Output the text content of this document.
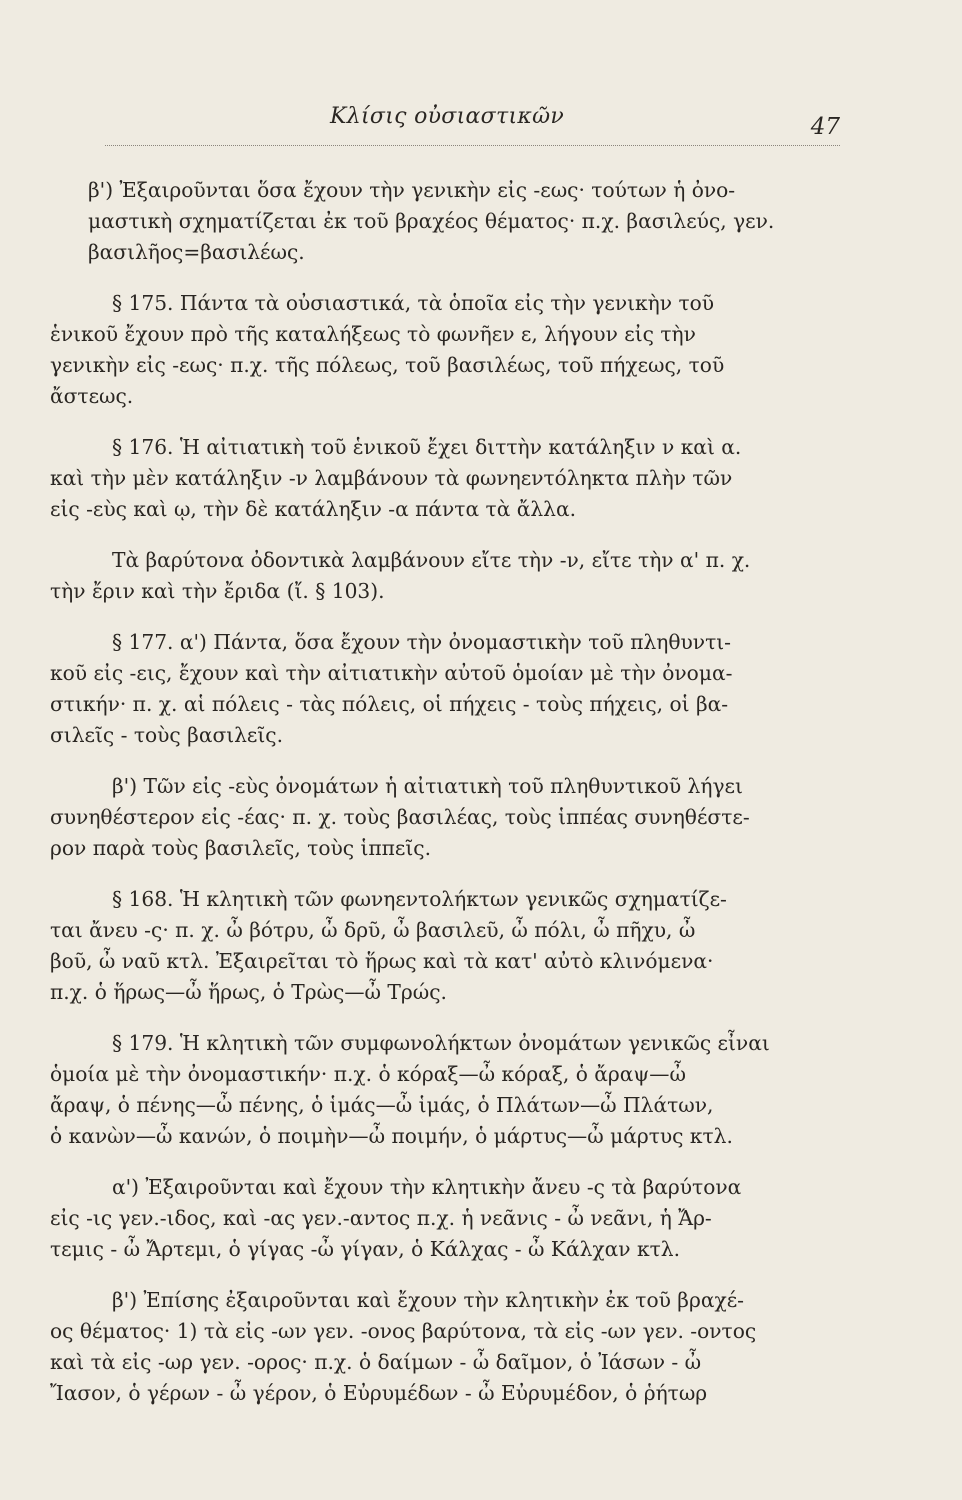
Κλίσις οὐσιαστικῶν	47
β') Ἐξαιροῦνται ὅσα ἔχουν τὴν γενικὴν εἰς -εως· τούτων ἡ ὀνο-
μαστικὴ σχηματίζεται ἐκ τοῦ βραχέος θέματος· π.χ. βασιλεύς, γεν.
βασιλῆος=βασιλέως.
§ 175. Πάντα τὰ οὐσιαστικά, τὰ ὁποῖα εἰς τὴν γενικὴν τοῦ
ἑνικοῦ ἔχουν πρὸ τῆς καταλήξεως τὸ φωνῆεν ε, λήγουν εἰς τὴν
γενικὴν εἰς -εως· π.χ. τῆς πόλεως, τοῦ βασιλέως, τοῦ πήχεως, τοῦ
ἄστεως.
§ 176. Ἡ αἰτιατικὴ τοῦ ἑνικοῦ ἔχει διττὴν κατάληξιν ν καὶ α.
καὶ τὴν μὲν κατάληξιν -ν λαμβάνουν τὰ φωνηεντόληκτα πλὴν τῶν
εἰς -εὺς καὶ ῳ, τὴν δὲ κατάληξιν -α πάντα τὰ ἄλλα.
Τὰ βαρύτονα ὀδοντικὰ λαμβάνουν εἴτε τὴν -ν, εἴτε τὴν α' π. χ.
τὴν ἔριν καὶ τὴν ἔριδα (ἴ. § 103).
§ 177. α') Πάντα, ὅσα ἔχουν τὴν ὀνομαστικὴν τοῦ πληθυντι-
κοῦ εἰς -εις, ἔχουν καὶ τὴν αἰτιατικὴν αὐτοῦ ὁμοίαν μὲ τὴν ὀνομα-
στικήν· π. χ. αἱ πόλεις - τὰς πόλεις, οἱ πήχεις - τοὺς πήχεις, οἱ βα-
σιλεῖς - τοὺς βασιλεῖς.
β') Τῶν εἰς -εὺς ὀνομάτων ἡ αἰτιατικὴ τοῦ πληθυντικοῦ λήγει
συνηθέστερον εἰς -έας· π. χ. τοὺς βασιλέας, τοὺς ἱππέας συνηθέστε-
ρον παρὰ τοὺς βασιλεῖς, τοὺς ἱππεῖς.
§ 168. Ἡ κλητικὴ τῶν φωνηεντολήκτων γενικῶς σχηματίζε-
ται ἄνευ -ς· π. χ. ὦ βότρυ, ὦ δρῦ, ὦ βασιλεῦ, ὦ πόλι, ὦ πῆχυ, ὦ
βοῦ, ὦ ναῦ κτλ. Ἐξαιρεῖται τὸ ἥρως καὶ τὰ κατ' αὐτὸ κλινόμενα·
π.χ. ὁ ἥρως—ὦ ἥρως, ὁ Τρὼς—ὦ Τρώς.
§ 179. Ἡ κλητικὴ τῶν συμφωνολήκτων ὀνομάτων γενικῶς εἶναι
ὁμοία μὲ τὴν ὀνομαστικήν· π.χ. ὁ κόραξ—ὦ κόραξ, ὁ ἄραψ—ὦ
ἄραψ, ὁ πένης—ὦ πένης, ὁ ἱμάς—ὦ ἱμάς, ὁ Πλάτων—ὦ Πλάτων,
ὁ κανὼν—ὦ κανών, ὁ ποιμὴν—ὦ ποιμήν, ὁ μάρτυς—ὦ μάρτυς κτλ.
α') Ἐξαιροῦνται καὶ ἔχουν τὴν κλητικὴν ἄνευ -ς τὰ βαρύτονα
εἰς -ις γεν.-ιδος, καὶ -ας γεν.-αντος π.χ. ἡ νεᾶνις - ὦ νεᾶνι, ἡ Ἄρ-
τεμις - ὦ Ἄρτεμι, ὁ γίγας -ὦ γίγαν, ὁ Κάλχας - ὦ Κάλχαν κτλ.
β') Ἐπίσης ἐξαιροῦνται καὶ ἔχουν τὴν κλητικὴν ἐκ τοῦ βραχέ-
ος θέματος· 1) τὰ εἰς -ων γεν. -ονος βαρύτονα, τὰ εἰς -ων γεν. -οντος
καὶ τὰ εἰς -ωρ γεν. -ορος· π.χ. ὁ δαίμων - ὦ δαῖμον, ὁ Ἰάσων - ὦ
Ἴασον, ὁ γέρων - ὦ γέρον, ὁ Εὐρυμέδων - ὦ Εὐρυμέδον, ὁ ῥήτωρ
